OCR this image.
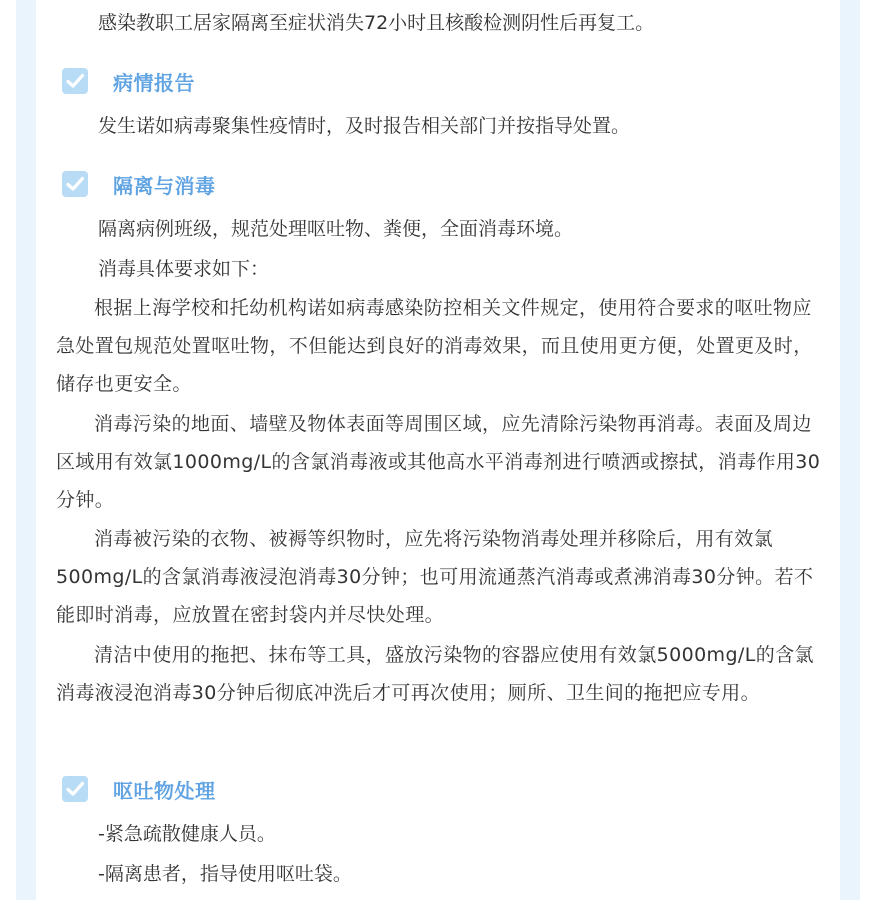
感染教职工居家隔离至症状消失72小时且核酸检测阴性后再复工。

病情报告

发生诺如病毒聚集性疫情时，及时报告相关部门并按指导处置。

隔离与消毒

隔离病例班级，规范处理呕吐物、粪便，全面消毒环境。

消毒具体要求如下：

根据上海学校和托幼机构诺如病毒感染防控相关文件规定，使用符合要求的呕吐物应急处置包规范处置呕吐物，不但能达到良好的消毒效果，而且使用更方便，处置更及时，储存也更安全。

消毒污染的地面、墙壁及物体表面等周围区域，应先清除污染物再消毒。表面及周边区域用有效氯1000mg/L的含氯消毒液或其他高水平消毒剂进行喷洒或擦拭，消毒作用30分钟。

消毒被污染的衣物、被褥等织物时，应先将污染物消毒处理并移除后，用有效氯500mg/L的含氯消毒液浸泡消毒30分钟；也可用流通蒸汽消毒或煮沸消毒30分钟。若不能即时消毒，应放置在密封袋内并尽快处理。

清洁中使用的拖把、抹布等工具，盛放污染物的容器应使用有效氯5000mg/L的含氯消毒液浸泡消毒30分钟后彻底冲洗后才可再次使用；厕所、卫生间的拖把应专用。

呕吐物处理

-紧急疏散健康人员。

-隔离患者，指导使用呕吐袋。
